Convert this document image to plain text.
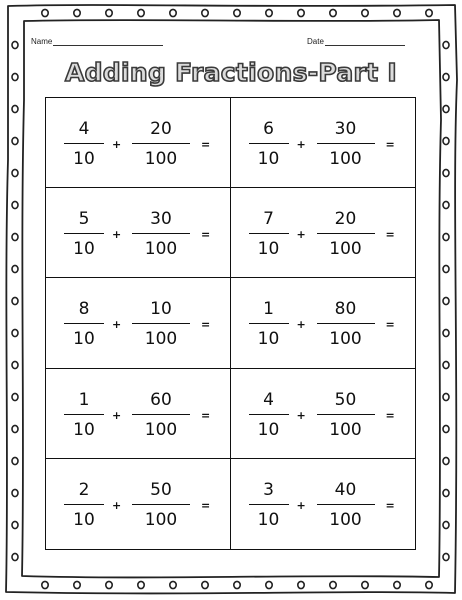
Name	Date
Adding Fractions-Part I
4
10
+
20
100
=
6
10
+
30
100
=
5
10
+
30
100
=
7
10
+
20
100
=
8
10
+
10
100
=
1
10
+
80
100
=
1
10
+
60
100
=
4
10
+
50
100
=
2
10
+
50
100
=
3
10
+
40
100
=
